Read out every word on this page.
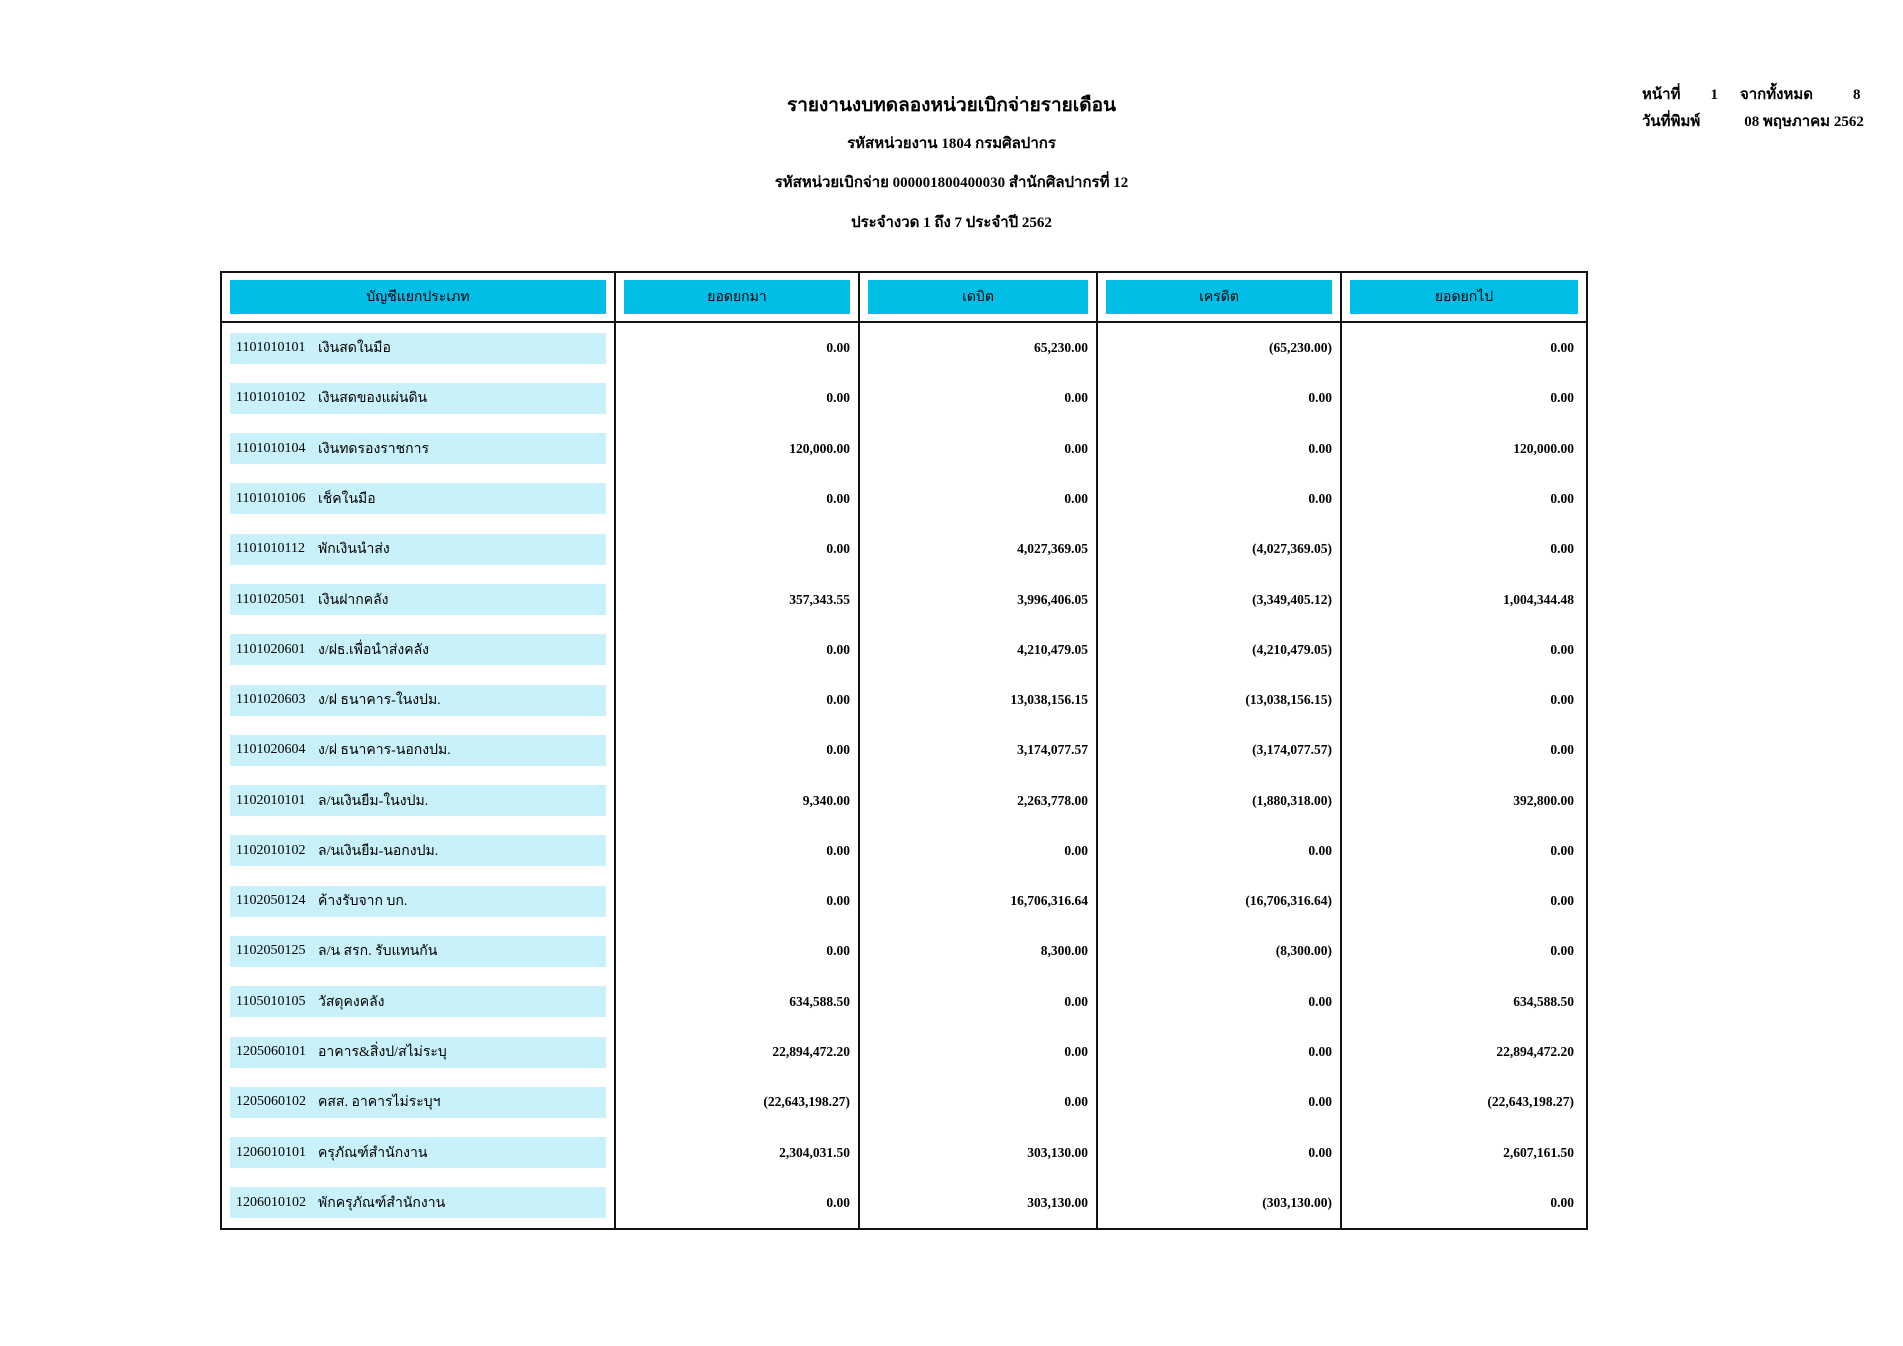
รายงานงบทดลองหน่วยเบิกจ่ายรายเดือน
รหัสหน่วยงาน 1804 กรมศิลปากร
รหัสหน่วยเบิกจ่าย 000001800400030 สำนักศิลปากรที่ 12
ประจำงวด 1 ถึง 7 ประจำปี 2562
หน้าที่ 1 จากทั้งหมด	8
วันที่พิมพ์	08 พฤษภาคม 2562
บัญชีแยกประเภท	ยอดยกมา	เดบิต	เครดิต	ยอดยกไป
1101010101 เงินสดในมือ	0.00	65,230.00	(65,230.00)	0.00
1101010102 เงินสดของแผ่นดิน	0.00	0.00	0.00	0.00
1101010104 เงินทดรองราชการ	120,000.00	0.00	0.00	120,000.00
1101010106 เช็คในมือ	0.00	0.00	0.00	0.00
1101010112 พักเงินนำส่ง	0.00	4,027,369.05	(4,027,369.05)	0.00
1101020501 เงินฝากคลัง	357,343.55	3,996,406.05	(3,349,405.12)	1,004,344.48
1101020601 ง/ฝธ.เพื่อนำส่งคลัง	0.00	4,210,479.05	(4,210,479.05)	0.00
1101020603 ง/ฝ ธนาคาร-ในงปม.	0.00	13,038,156.15	(13,038,156.15)	0.00
1101020604 ง/ฝ ธนาคาร-นอกงปม.	0.00	3,174,077.57	(3,174,077.57)	0.00
1102010101 ล/นเงินยืม-ในงปม.	9,340.00	2,263,778.00	(1,880,318.00)	392,800.00
1102010102 ล/นเงินยืม-นอกงปม.	0.00	0.00	0.00	0.00
1102050124 ค้างรับจาก บก.	0.00	16,706,316.64	(16,706,316.64)	0.00
1102050125 ล/น สรก. รับแทนกัน	0.00	8,300.00	(8,300.00)	0.00
1105010105 วัสดุคงคลัง	634,588.50	0.00	0.00	634,588.50
1205060101 อาคาร&สิ่งป/สไม่ระบุ	22,894,472.20	0.00	0.00	22,894,472.20
1205060102 คสส. อาคารไม่ระบุฯ	(22,643,198.27)	0.00	0.00	(22,643,198.27)
1206010101 ครุภัณฑ์สำนักงาน	2,304,031.50	303,130.00	0.00	2,607,161.50
1206010102 พักครุภัณฑ์สำนักงาน	0.00	303,130.00	(303,130.00)	0.00
